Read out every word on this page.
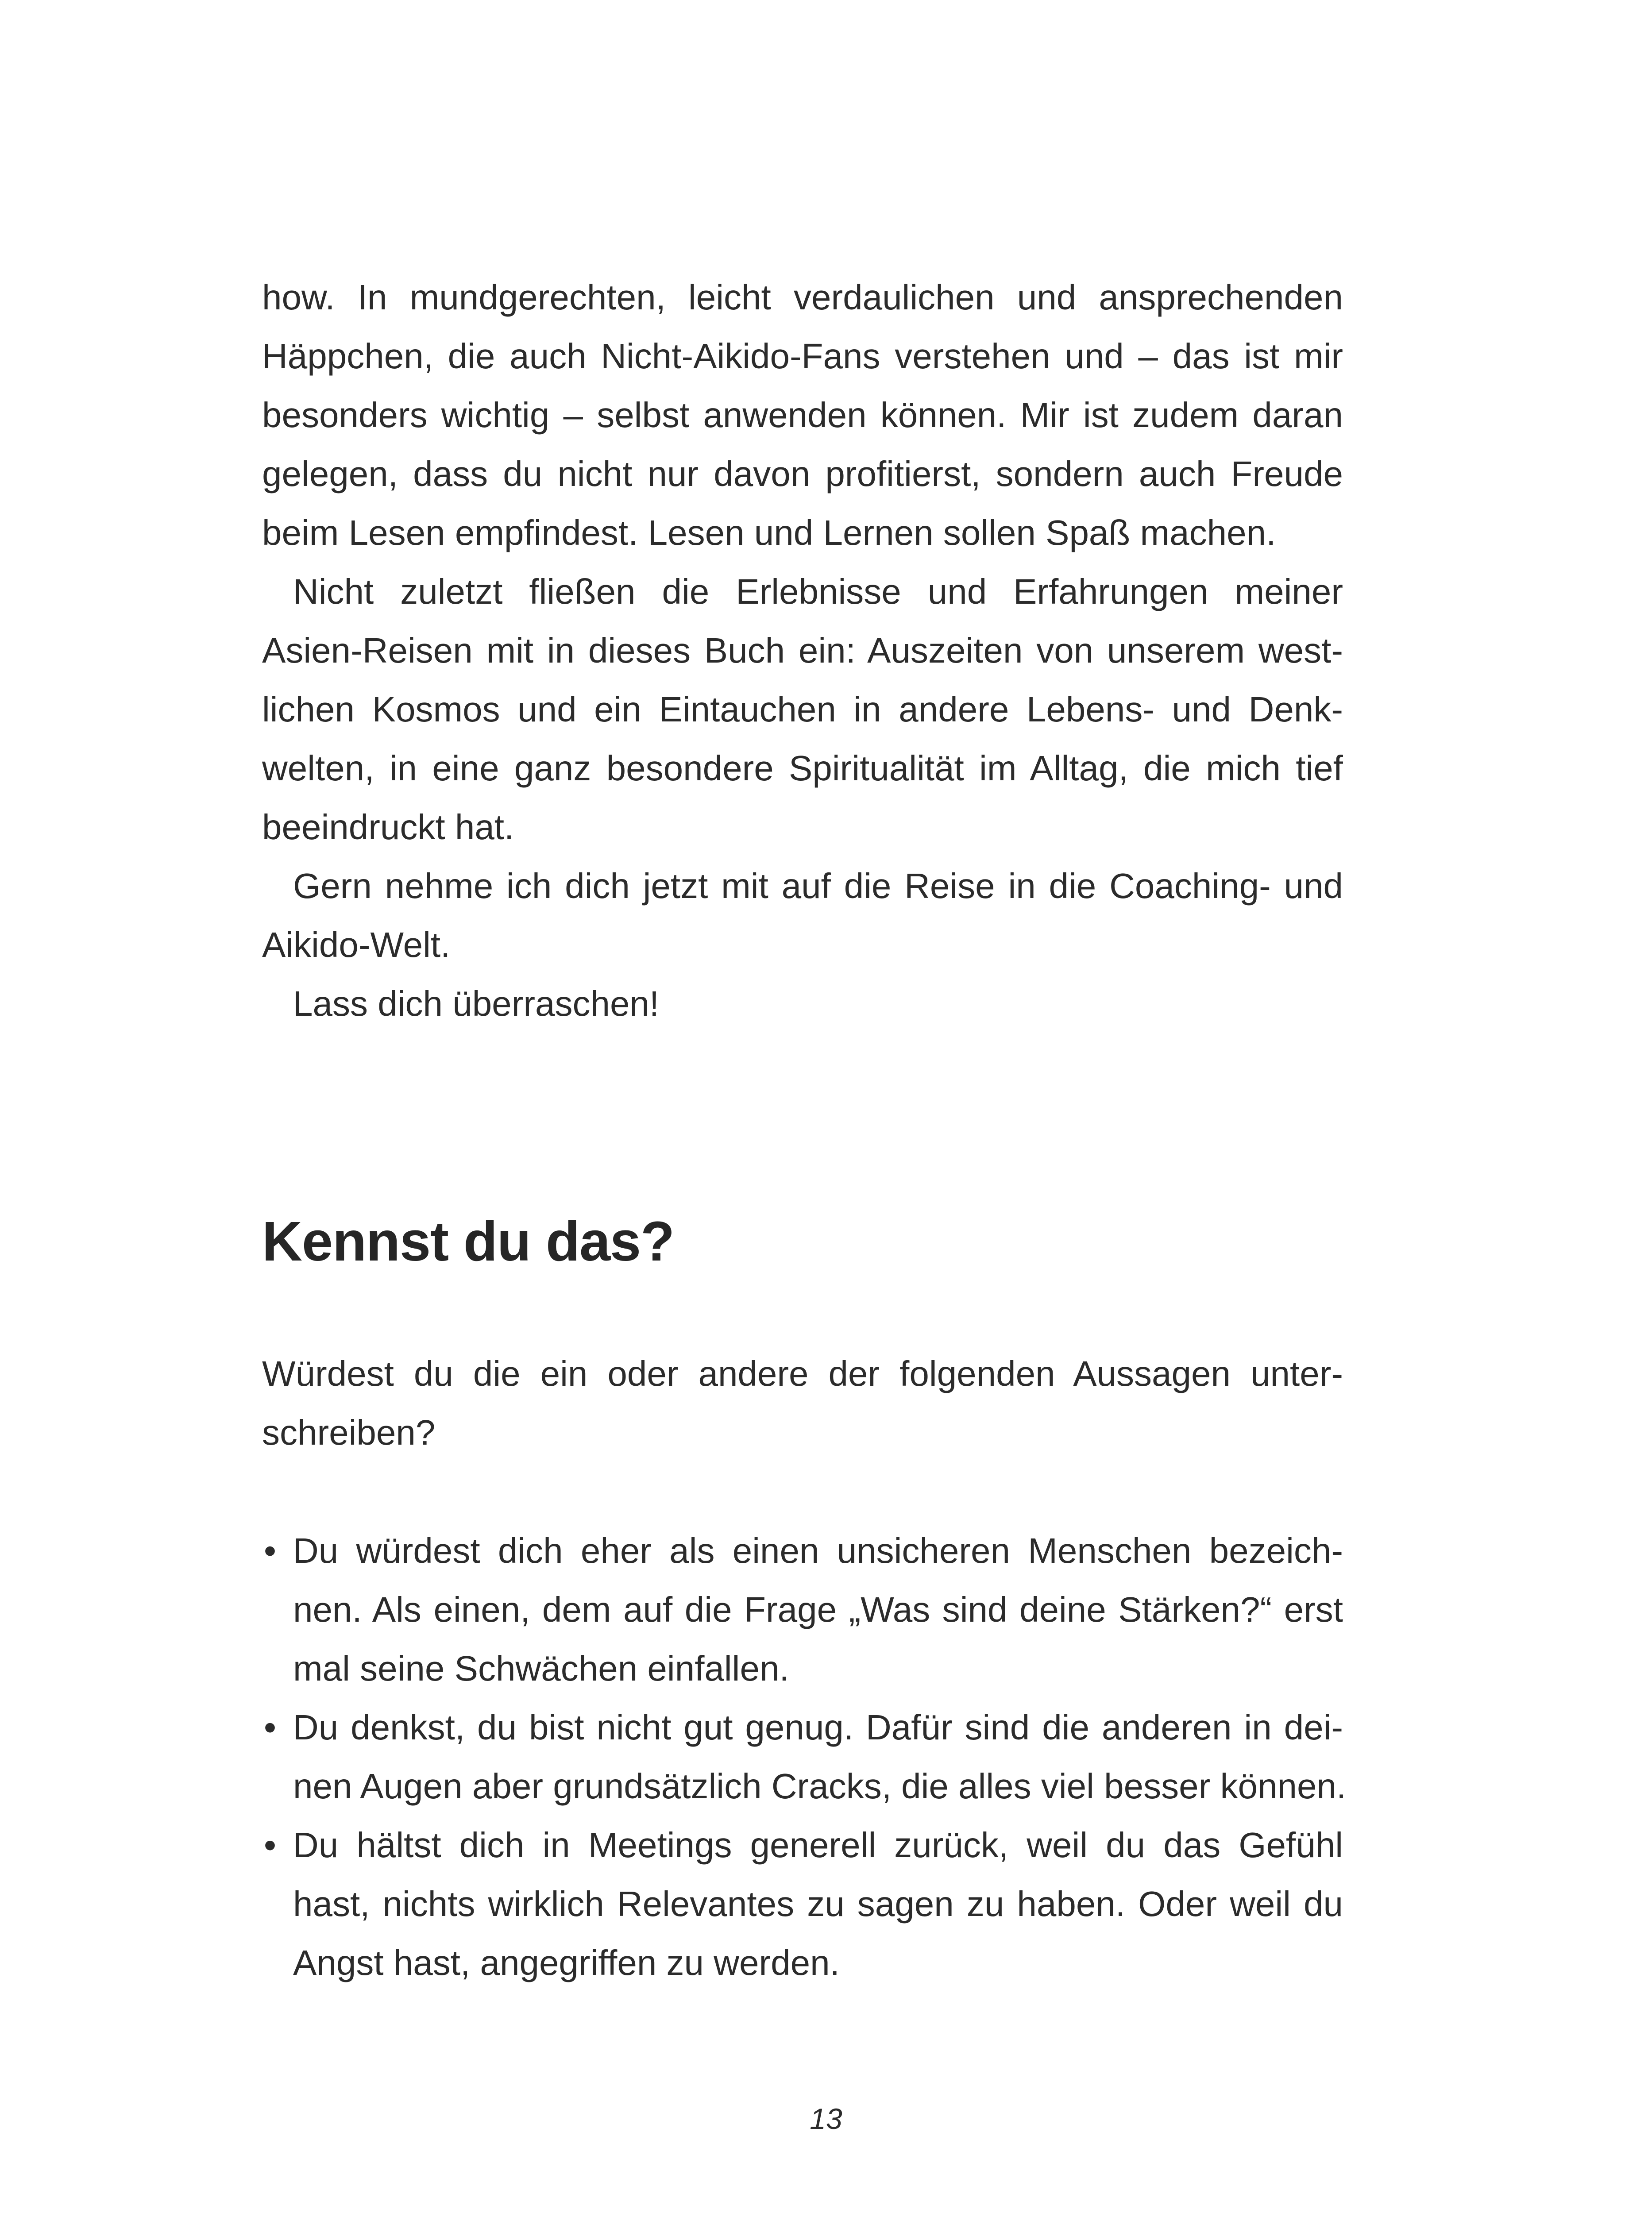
how. In mundgerechten, leicht verdaulichen und ansprechenden
Häppchen, die auch Nicht-Aikido-Fans verstehen und – das ist mir
besonders wichtig – selbst anwenden können. Mir ist zudem daran
gelegen, dass du nicht nur davon profitierst, sondern auch Freude
beim Lesen empfindest. Lesen und Lernen sollen Spaß machen.
Nicht zuletzt fließen die Erlebnisse und Erfahrungen meiner
Asien-Reisen mit in dieses Buch ein: Auszeiten von unserem west-
lichen Kosmos und ein Eintauchen in andere Lebens- und Denk-
welten, in eine ganz besondere Spiritualität im Alltag, die mich tief
beeindruckt hat.
Gern nehme ich dich jetzt mit auf die Reise in die Coaching- und
Aikido-Welt.
Lass dich überraschen!
Kennst du das?
Würdest du die ein oder andere der folgenden Aussagen unter-
schreiben?
• Du würdest dich eher als einen unsicheren Menschen bezeich-
nen. Als einen, dem auf die Frage „Was sind deine Stärken?“ erst
mal seine Schwächen einfallen.
• Du denkst, du bist nicht gut genug. Dafür sind die anderen in dei-
nen Augen aber grundsätzlich Cracks, die alles viel besser können.
• Du hältst dich in Meetings generell zurück, weil du das Gefühl
hast, nichts wirklich Relevantes zu sagen zu haben. Oder weil du
Angst hast, angegriffen zu werden.
13
